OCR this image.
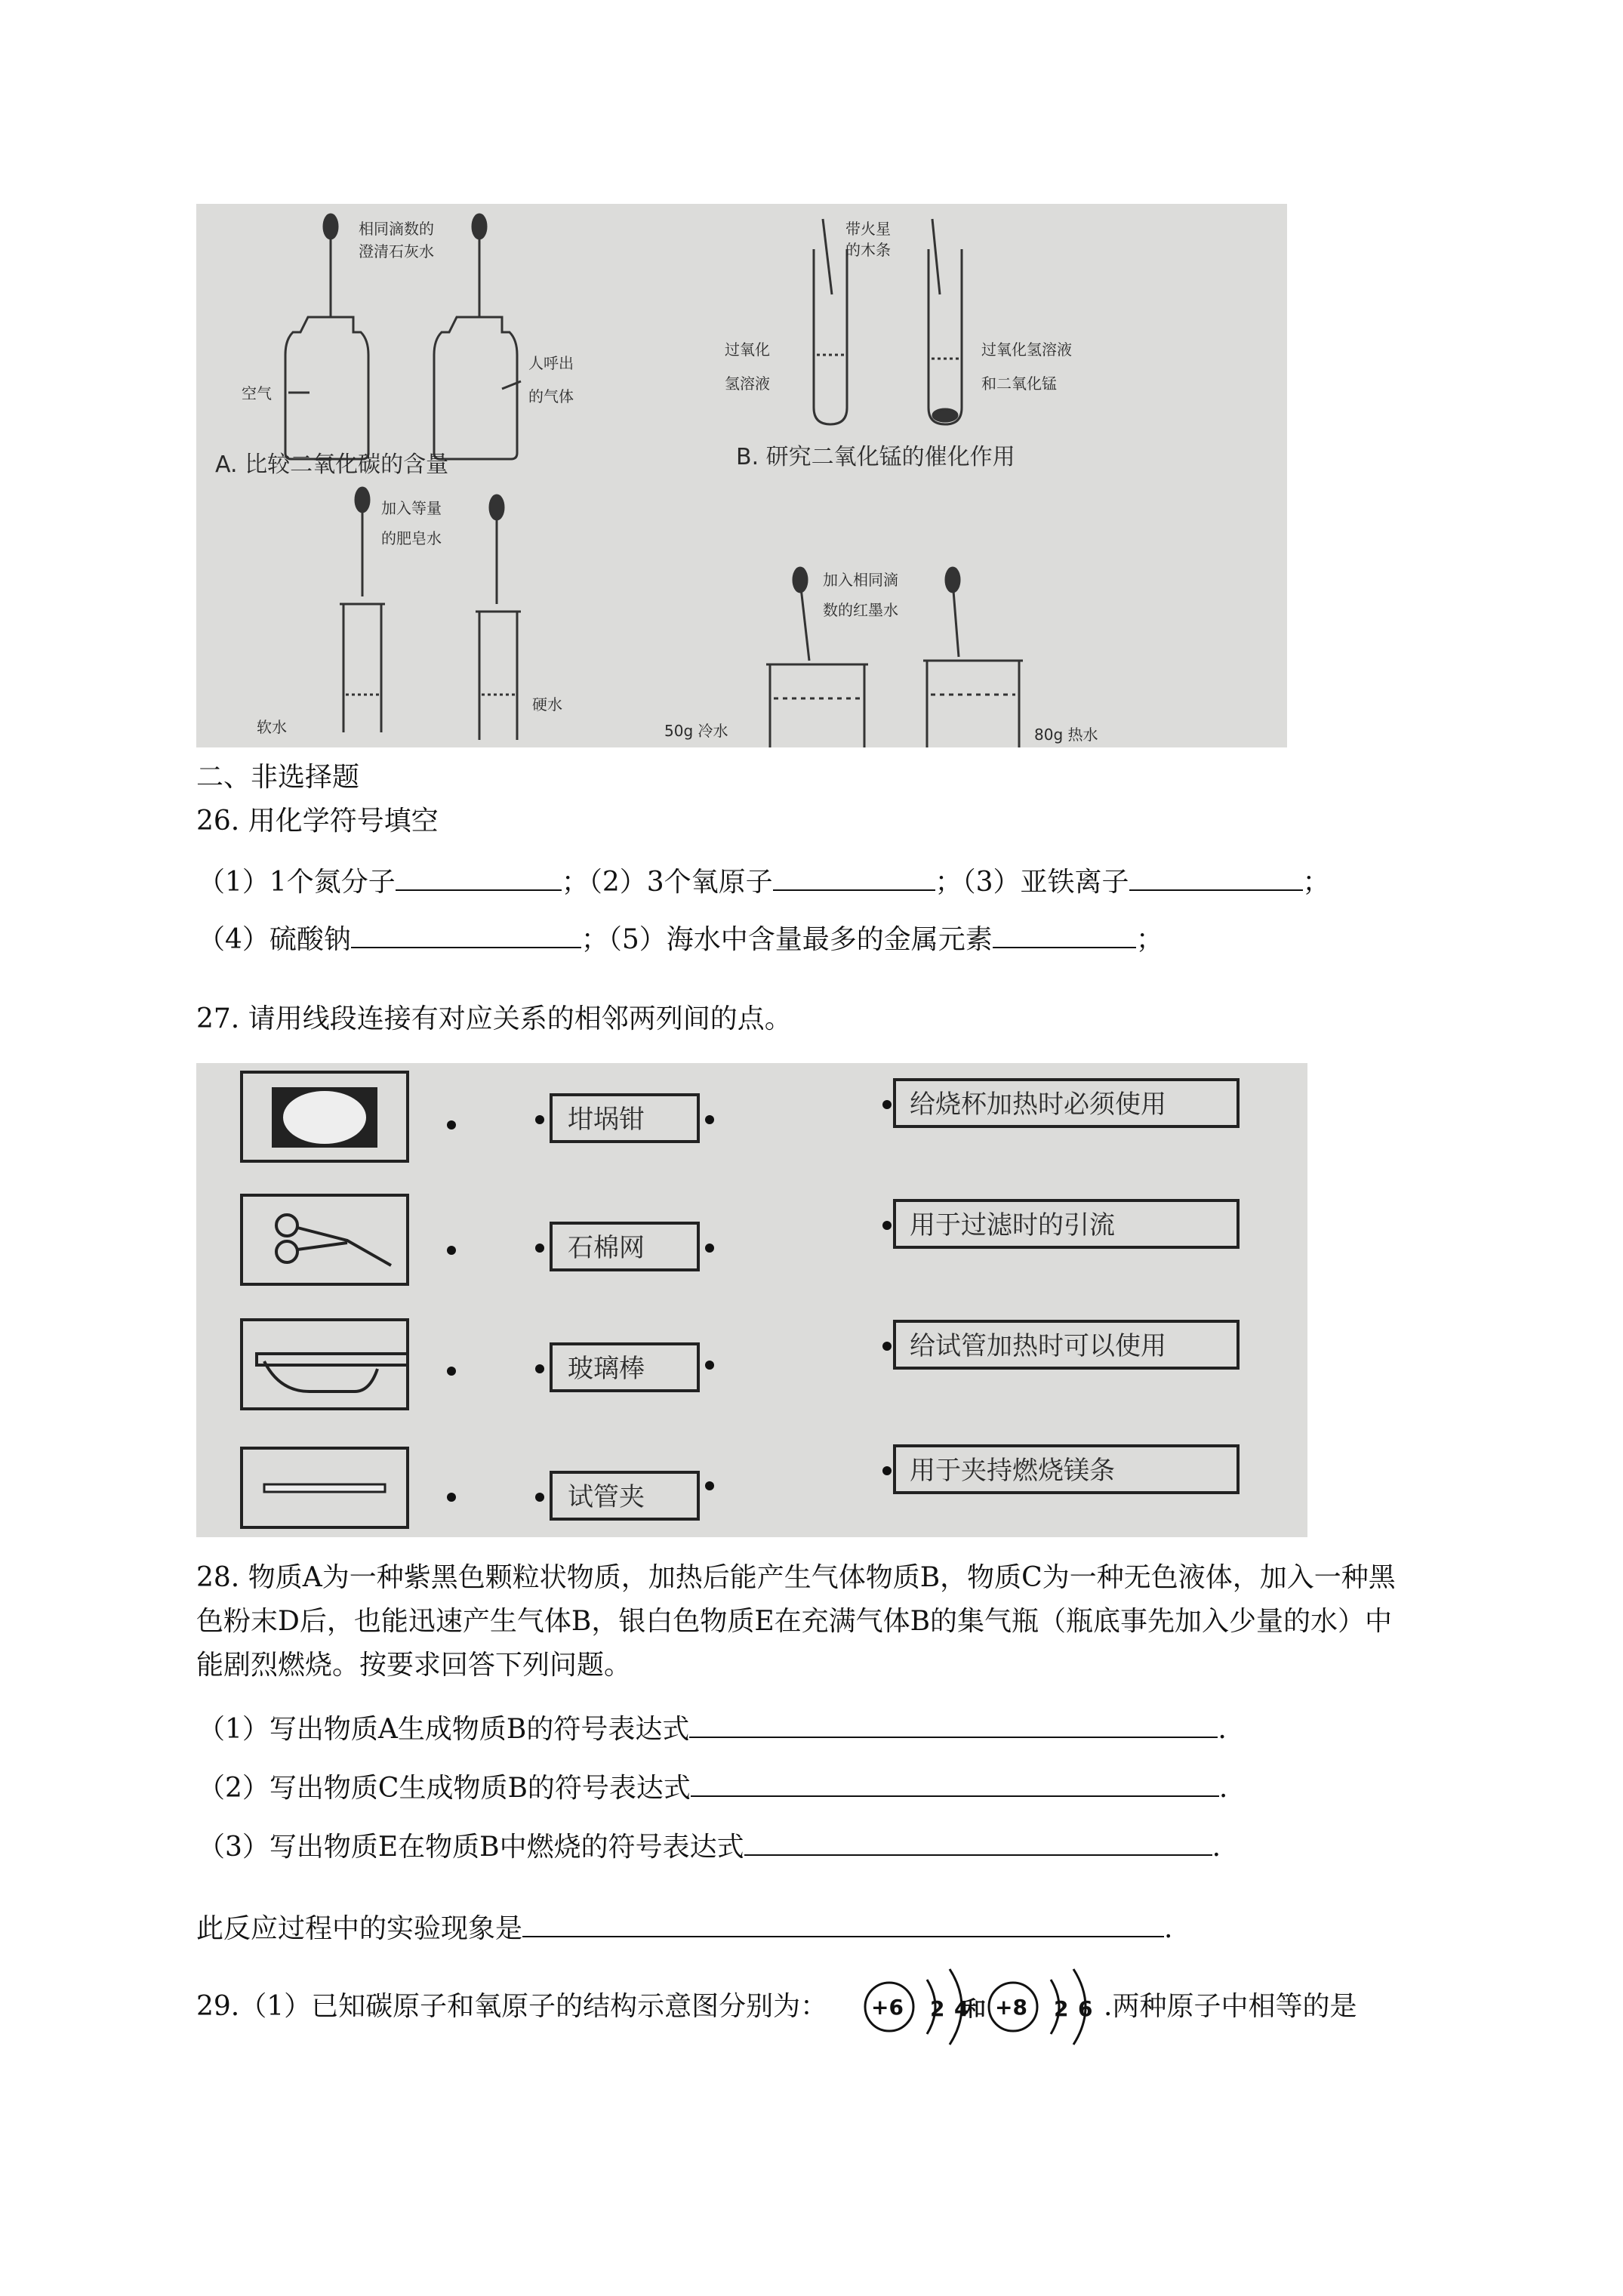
相同滴数的
澄清石灰水
空气
人呼出
的气体
带火星
的木条
过氧化
氢溶液
过氧化氢溶液
和二氧化锰
加入等量
的肥皂水
软水
硬水
加入相同滴
数的红墨水
50g 冷水	80g 热水
A. 比较二氧化碳的含量	B. 研究二氧化锰的催化作用
二、非选择题
26. 用化学符号填空
（1）1个氮分子	；（2）3个氧原子	；（3）亚铁离子	；
（4）硫酸钠	；（5）海水中含量最多的金属元素	；
27. 请用线段连接有对应关系的相邻两列间的点。
坩埚钳
石棉网
玻璃棒
试管夹
给烧杯加热时必须使用
用于过滤时的引流
给试管加热时可以使用
用于夹持燃烧镁条
28. 物质A为一种紫黑色颗粒状物质，加热后能产生气体物质B，物质C为一种无色液体，加入一种黑
色粉末D后，也能迅速产生气体B，银白色物质E在充满气体B的集气瓶（瓶底事先加入少量的水）中
能剧烈燃烧。按要求回答下列问题。
（1）写出物质A生成物质B的符号表达式	.
（2）写出物质C生成物质B的符号表达式	.
（3）写出物质E在物质B中燃烧的符号表达式	.
此反应过程中的实验现象是	.
29.（1）已知碳原子和氧原子的结构示意图分别为： +6 2 4
和 +8 2 6 .两种原子中相等的是
